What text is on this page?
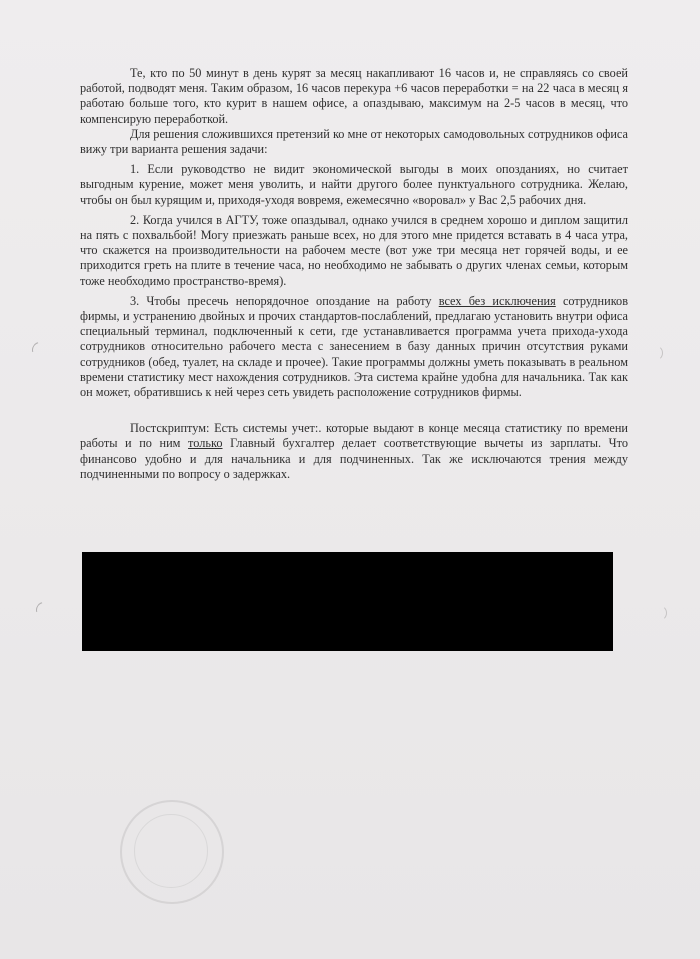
Те, кто по 50 минут в день курят за месяц накапливают 16 часов и, не справляясь со своей работой, подводят меня. Таким образом, 16 часов перекура +6 часов переработки = на 22 часа в месяц я работаю больше того, кто курит в нашем офисе, а опаздываю, максимум на 2-5 часов в месяц, что компенсирую переработкой.

Для решения сложившихся претензий ко мне от некоторых самодовольных сотрудников офиса вижу три варианта решения задачи:

1. Если руководство не видит экономической выгоды в моих опозданиях, но считает выгодным курение, может меня уволить, и найти другого более пунктуального сотрудника. Желаю, чтобы он был курящим и, приходя-уходя вовремя, ежемесячно «воровал» у Вас 2,5 рабочих дня.

2. Когда учился в АГТУ, тоже опаздывал, однако учился в среднем хорошо и диплом защитил на пять с похвальбой! Могу приезжать раньше всех, но для этого мне придется вставать в 4 часа утра, что скажется на производительности на рабочем месте (вот уже три месяца нет горячей воды, и ее приходится греть на плите в течение часа, но необходимо не забывать о других членах семьи, которым тоже необходимо пространство-время).

3. Чтобы пресечь непорядочное опоздание на работу всех без исключения сотрудников фирмы, и устранению двойных и прочих стандартов-послаблений, предлагаю установить внутри офиса специальный терминал, подключенный к сети, где устанавливается программа учета прихода-ухода сотрудников относительно рабочего места с занесением в базу данных причин отсутствия руками сотрудников (обед, туалет, на складе и прочее). Такие программы должны уметь показывать в реальном времени статистику мест нахождения сотрудников. Эта система крайне удобна для начальника. Так как он может, обратившись к ней через сеть увидеть расположение сотрудников фирмы.

Постскриптум: Есть системы учет:. которые выдают в конце месяца статистику по времени работы и по ним только Главный бухгалтер делает соответствующие вычеты из зарплаты. Что финансово удобно и для начальника и для подчиненных. Так же исключаются трения между подчиненными по вопросу о задержках.
